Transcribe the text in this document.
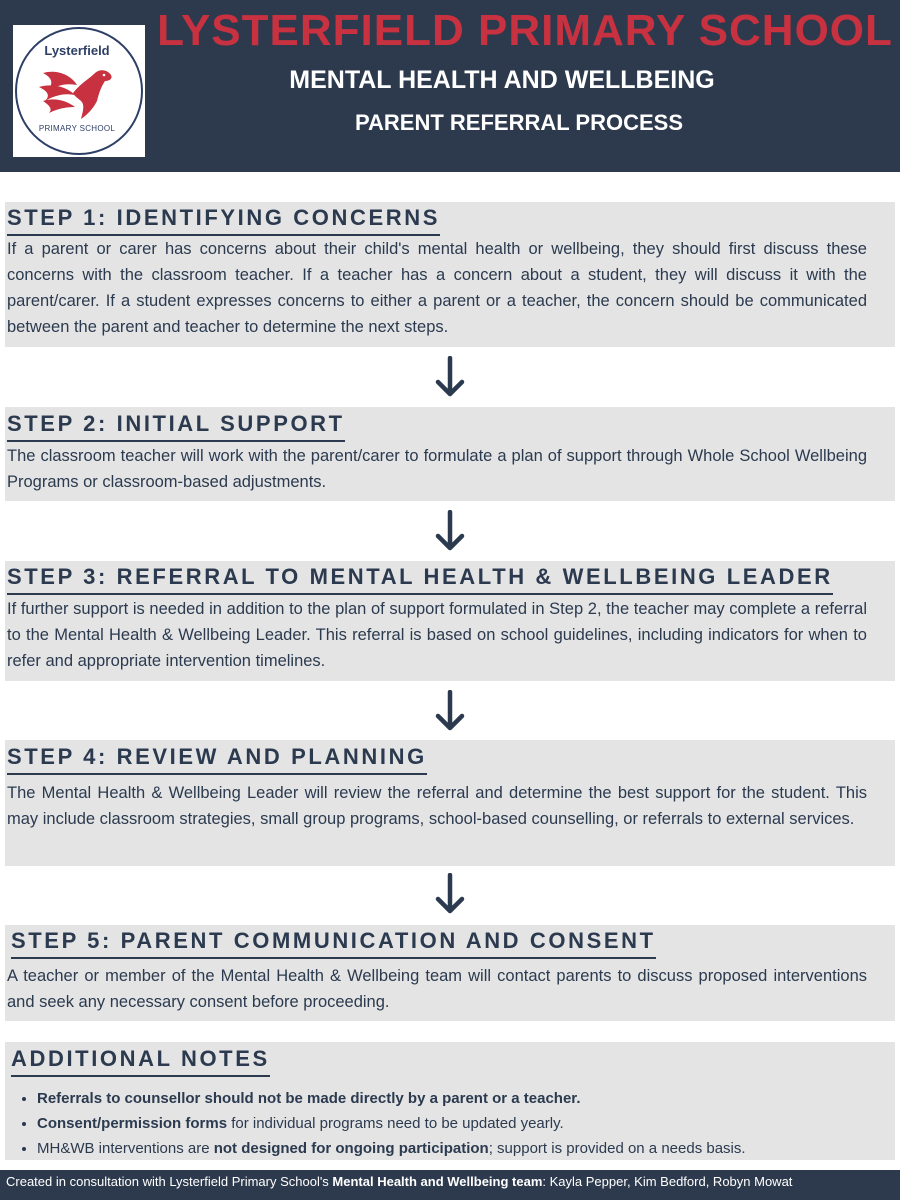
Lysterfield
PRIMARY SCHOOL
LYSTERFIELD PRIMARY SCHOOL
MENTAL HEALTH AND WELLBEING
PARENT REFERRAL PROCESS
STEP 1: IDENTIFYING CONCERNS
If a parent or carer has concerns about their child's mental health or wellbeing, they should first discuss these concerns with the classroom teacher. If a teacher has a concern about a student, they will discuss it with the parent/carer. If a student expresses concerns to either a parent or a teacher, the concern should be communicated between the parent and teacher to determine the next steps.
STEP 2: INITIAL SUPPORT
The classroom teacher will work with the parent/carer to formulate a plan of support through Whole School Wellbeing Programs or classroom-based adjustments.
STEP 3: REFERRAL TO MENTAL HEALTH & WELLBEING LEADER
If further support is needed in addition to the plan of support formulated in Step 2, the teacher may complete a referral to the Mental Health & Wellbeing Leader. This referral is based on school guidelines, including indicators for when to refer and appropriate intervention timelines.
STEP 4: REVIEW AND PLANNING
The Mental Health & Wellbeing Leader will review the referral and determine the best support for the student. This may include classroom strategies, small group programs, school-based counselling, or referrals to external services.
STEP 5: PARENT COMMUNICATION AND CONSENT
A teacher or member of the Mental Health & Wellbeing team will contact parents to discuss proposed interventions and seek any necessary consent before proceeding.
ADDITIONAL NOTES
• Referrals to counsellor should not be made directly by a parent or a teacher.
• Consent/permission forms for individual programs need to be updated yearly.
• MH&WB interventions are not designed for ongoing participation; support is provided on a needs basis.
Created in consultation with Lysterfield Primary School's Mental Health and Wellbeing team: Kayla Pepper, Kim Bedford, Robyn Mowat
